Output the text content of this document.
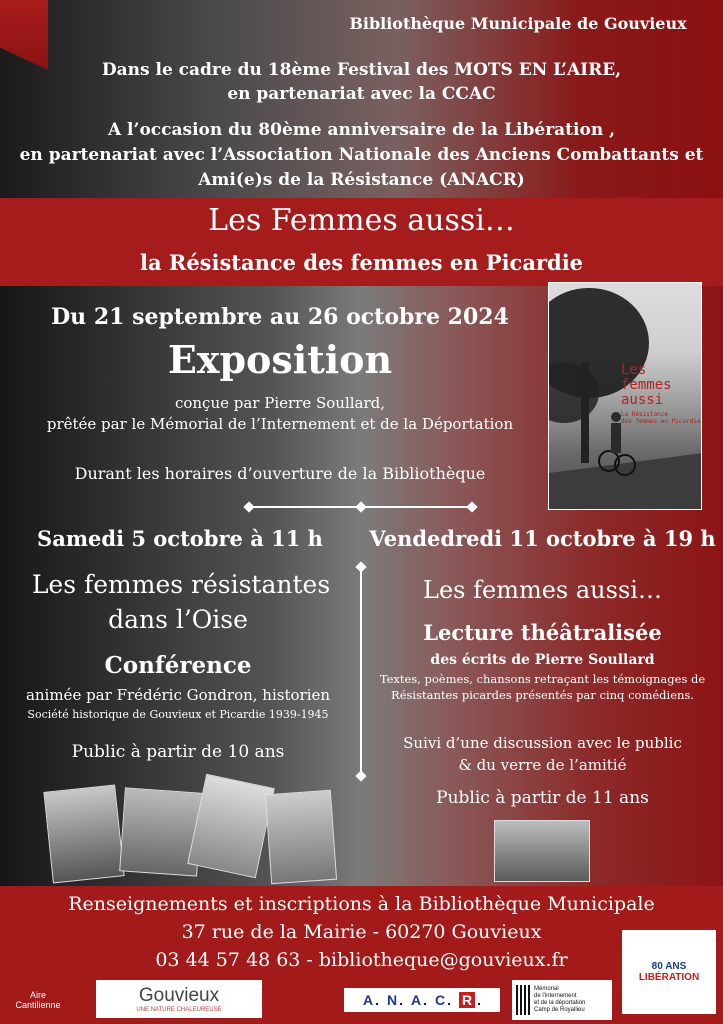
Bibliothèque Municipale de Gouvieux
Dans le cadre du 18ème Festival des MOTS EN L’AIRE,
en partenariat avec la CCAC
A l’occasion du 80ème anniversaire de la Libération ,
en partenariat avec l’Association Nationale des Anciens Combattants et
Ami(e)s de la Résistance (ANACR)
Les Femmes aussi…
la Résistance des femmes en Picardie
Du 21 septembre au 26 octobre 2024
Exposition
conçue par Pierre Soullard,
prêtée par le Mémorial de l’Internement et de la Déportation
Durant les horaires d’ouverture de la Bibliothèque
Les
femmes
aussi
La Résistance
des femmes en Picardie
Samedi 5 octobre à 11 h
Les femmes résistantes
dans l’Oise
Conférence
animée par Frédéric Gondron, historien
Société historique de Gouvieux et Picardie 1939-1945
Public à partir de 10 ans
Vendedredi 11 octobre à 19 h
Les femmes aussi…
Lecture théâtralisée
des écrits de Pierre Soullard
Textes, poèmes, chansons retraçant les témoignages de
Résistantes picardes présentés par cinq comédiens.
Suivi d’une discussion avec le public
& du verre de l’amitié
Public à partir de 11 ans
Renseignements et inscriptions à la Bibliothèque Municipale
37 rue de la Mairie - 60270 Gouvieux
03 44 57 48 63 - bibliotheque@gouvieux.fr	80 ANS
LIBÉRATION
Aire
Cantilienne	Gouvieux
UNE NATURE CHALEUREUSE
A . N . A . C . R .
Mémorial
de l'internement
et de la déportation
Camp de Royallieu
